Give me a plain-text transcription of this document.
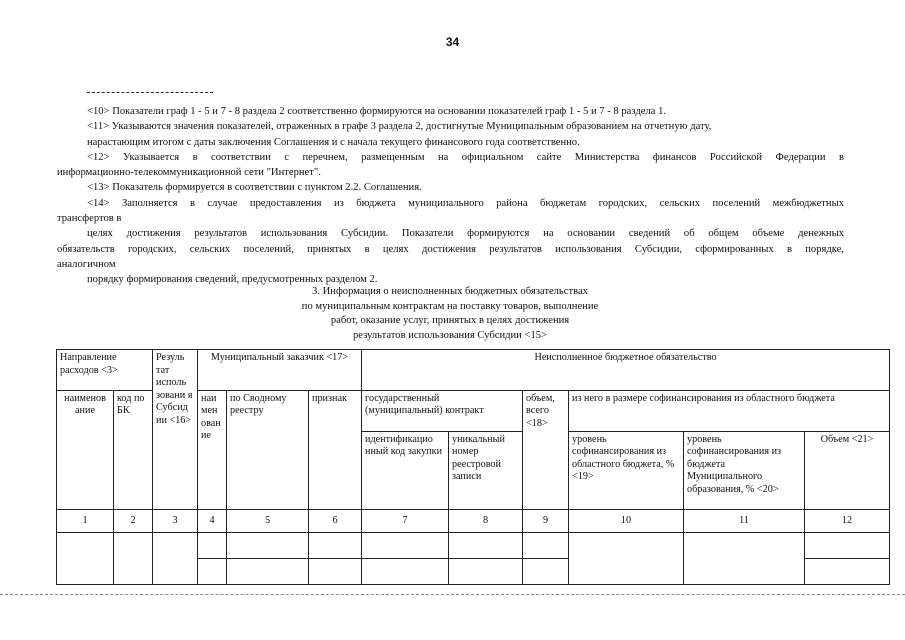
34

<10> Показатели граф 1 - 5 и 7 - 8 раздела 2 соответственно формируются на основании показателей граф 1 - 5 и 7 - 8 раздела 1.

<11> Указываются значения показателей, отраженных в графе 3 раздела 2, достигнутые Муниципальным образованием на отчетную дату,

нарастающим итогом с даты заключения Соглашения и с начала текущего финансового года соответственно.

<12> Указывается в соответствии с перечнем, размещенным на официальном сайте Министерства финансов Российской Федерации в

информационно-телекоммуникационной сети "Интернет".

<13> Показатель формируется в соответствии с пунктом 2.2. Соглашения.

<14> Заполняется в случае предоставления из бюджета муниципального района бюджетам городских, сельских поселений межбюджетных

трансфертов в

целях достижения результатов использования Субсидии. Показатели формируются на основании сведений об общем объеме денежных

обязательств городских, сельских поселений, принятых в целях достижения результатов использования Субсидии, сформированных в порядке,

аналогичном

порядку формирования сведений, предусмотренных разделом 2.

3. Информация о неисполненных бюджетных обязательствах
по муниципальным контрактам на поставку товаров, выполнение
работ, оказание услуг, принятых в целях достижения
результатов использования Субсидии <15>
Направление расходов <3>		Резуль тат исполь зовани я Субсид ии <16>	Муниципальный заказчик <17>			Неисполненное бюджетное обязательство					
наименов ание	код по БК		наи мен ован ие	по Сводному реестру	признак	государственный (муниципальный) контракт		объем, всего <18>	из него в размере софинансирования из областного бюджета		
						идентификацио нный код закупки	уникальный номер реестровой записи		уровень софинансирования из областного бюджета, % <19>	уровень софинансирования из бюджета Муниципального образования, % <20>	Объем <21>
1	2	3	4	5	6	7	8	9	10	11	12
